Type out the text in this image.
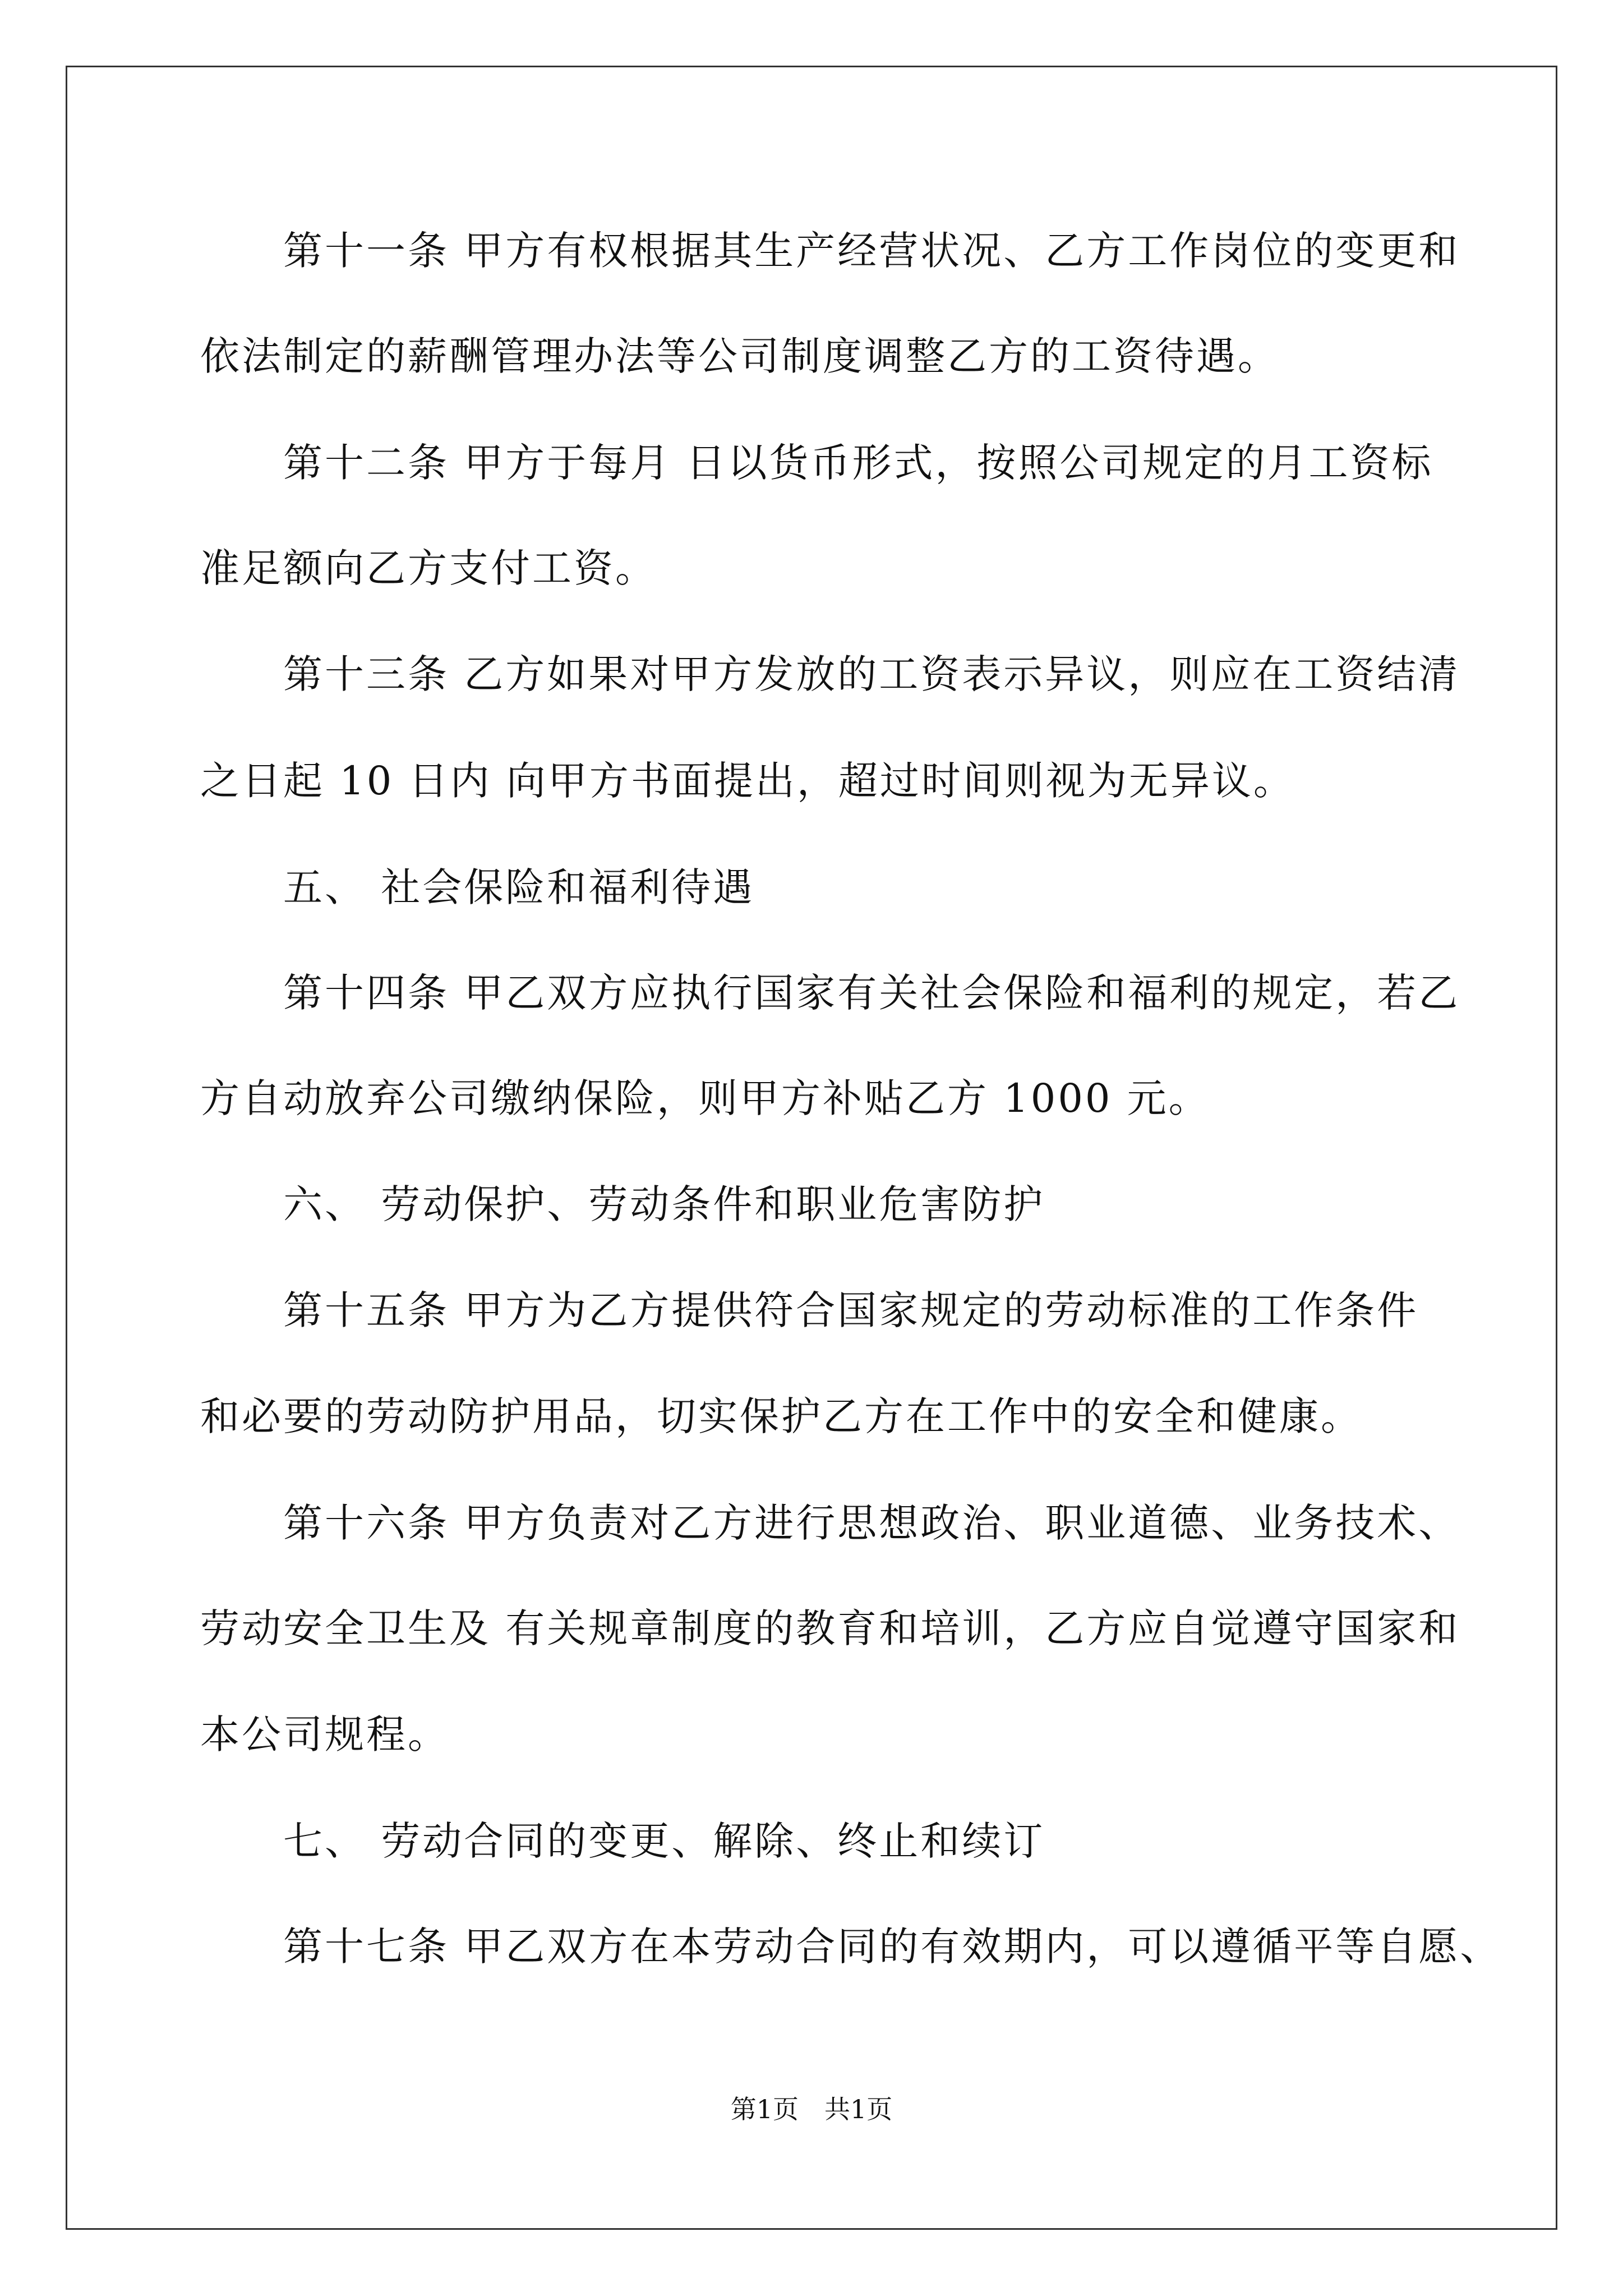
第十一条 甲方有权根据其生产经营状况、乙方工作岗位的变更和
依法制定的薪酬管理办法等公司制度调整乙方的工资待遇。
第十二条 甲方于每月 日以货币形式，按照公司规定的月工资标
准足额向乙方支付工资。
第十三条 乙方如果对甲方发放的工资表示异议，则应在工资结清
之日起 10 日内 向甲方书面提出，超过时间则视为无异议。
五、 社会保险和福利待遇
第十四条 甲乙双方应执行国家有关社会保险和福利的规定，若乙
方自动放弃公司缴纳保险，则甲方补贴乙方 1000 元。
六、 劳动保护、劳动条件和职业危害防护
第十五条 甲方为乙方提供符合国家规定的劳动标准的工作条件
和必要的劳动防护用品，切实保护乙方在工作中的安全和健康。
第十六条 甲方负责对乙方进行思想政治、职业道德、业务技术、
劳动安全卫生及 有关规章制度的教育和培训，乙方应自觉遵守国家和
本公司规程。
七、 劳动合同的变更、解除、终止和续订
第十七条 甲乙双方在本劳动合同的有效期内，可以遵循平等自愿、
第1页　共1页
